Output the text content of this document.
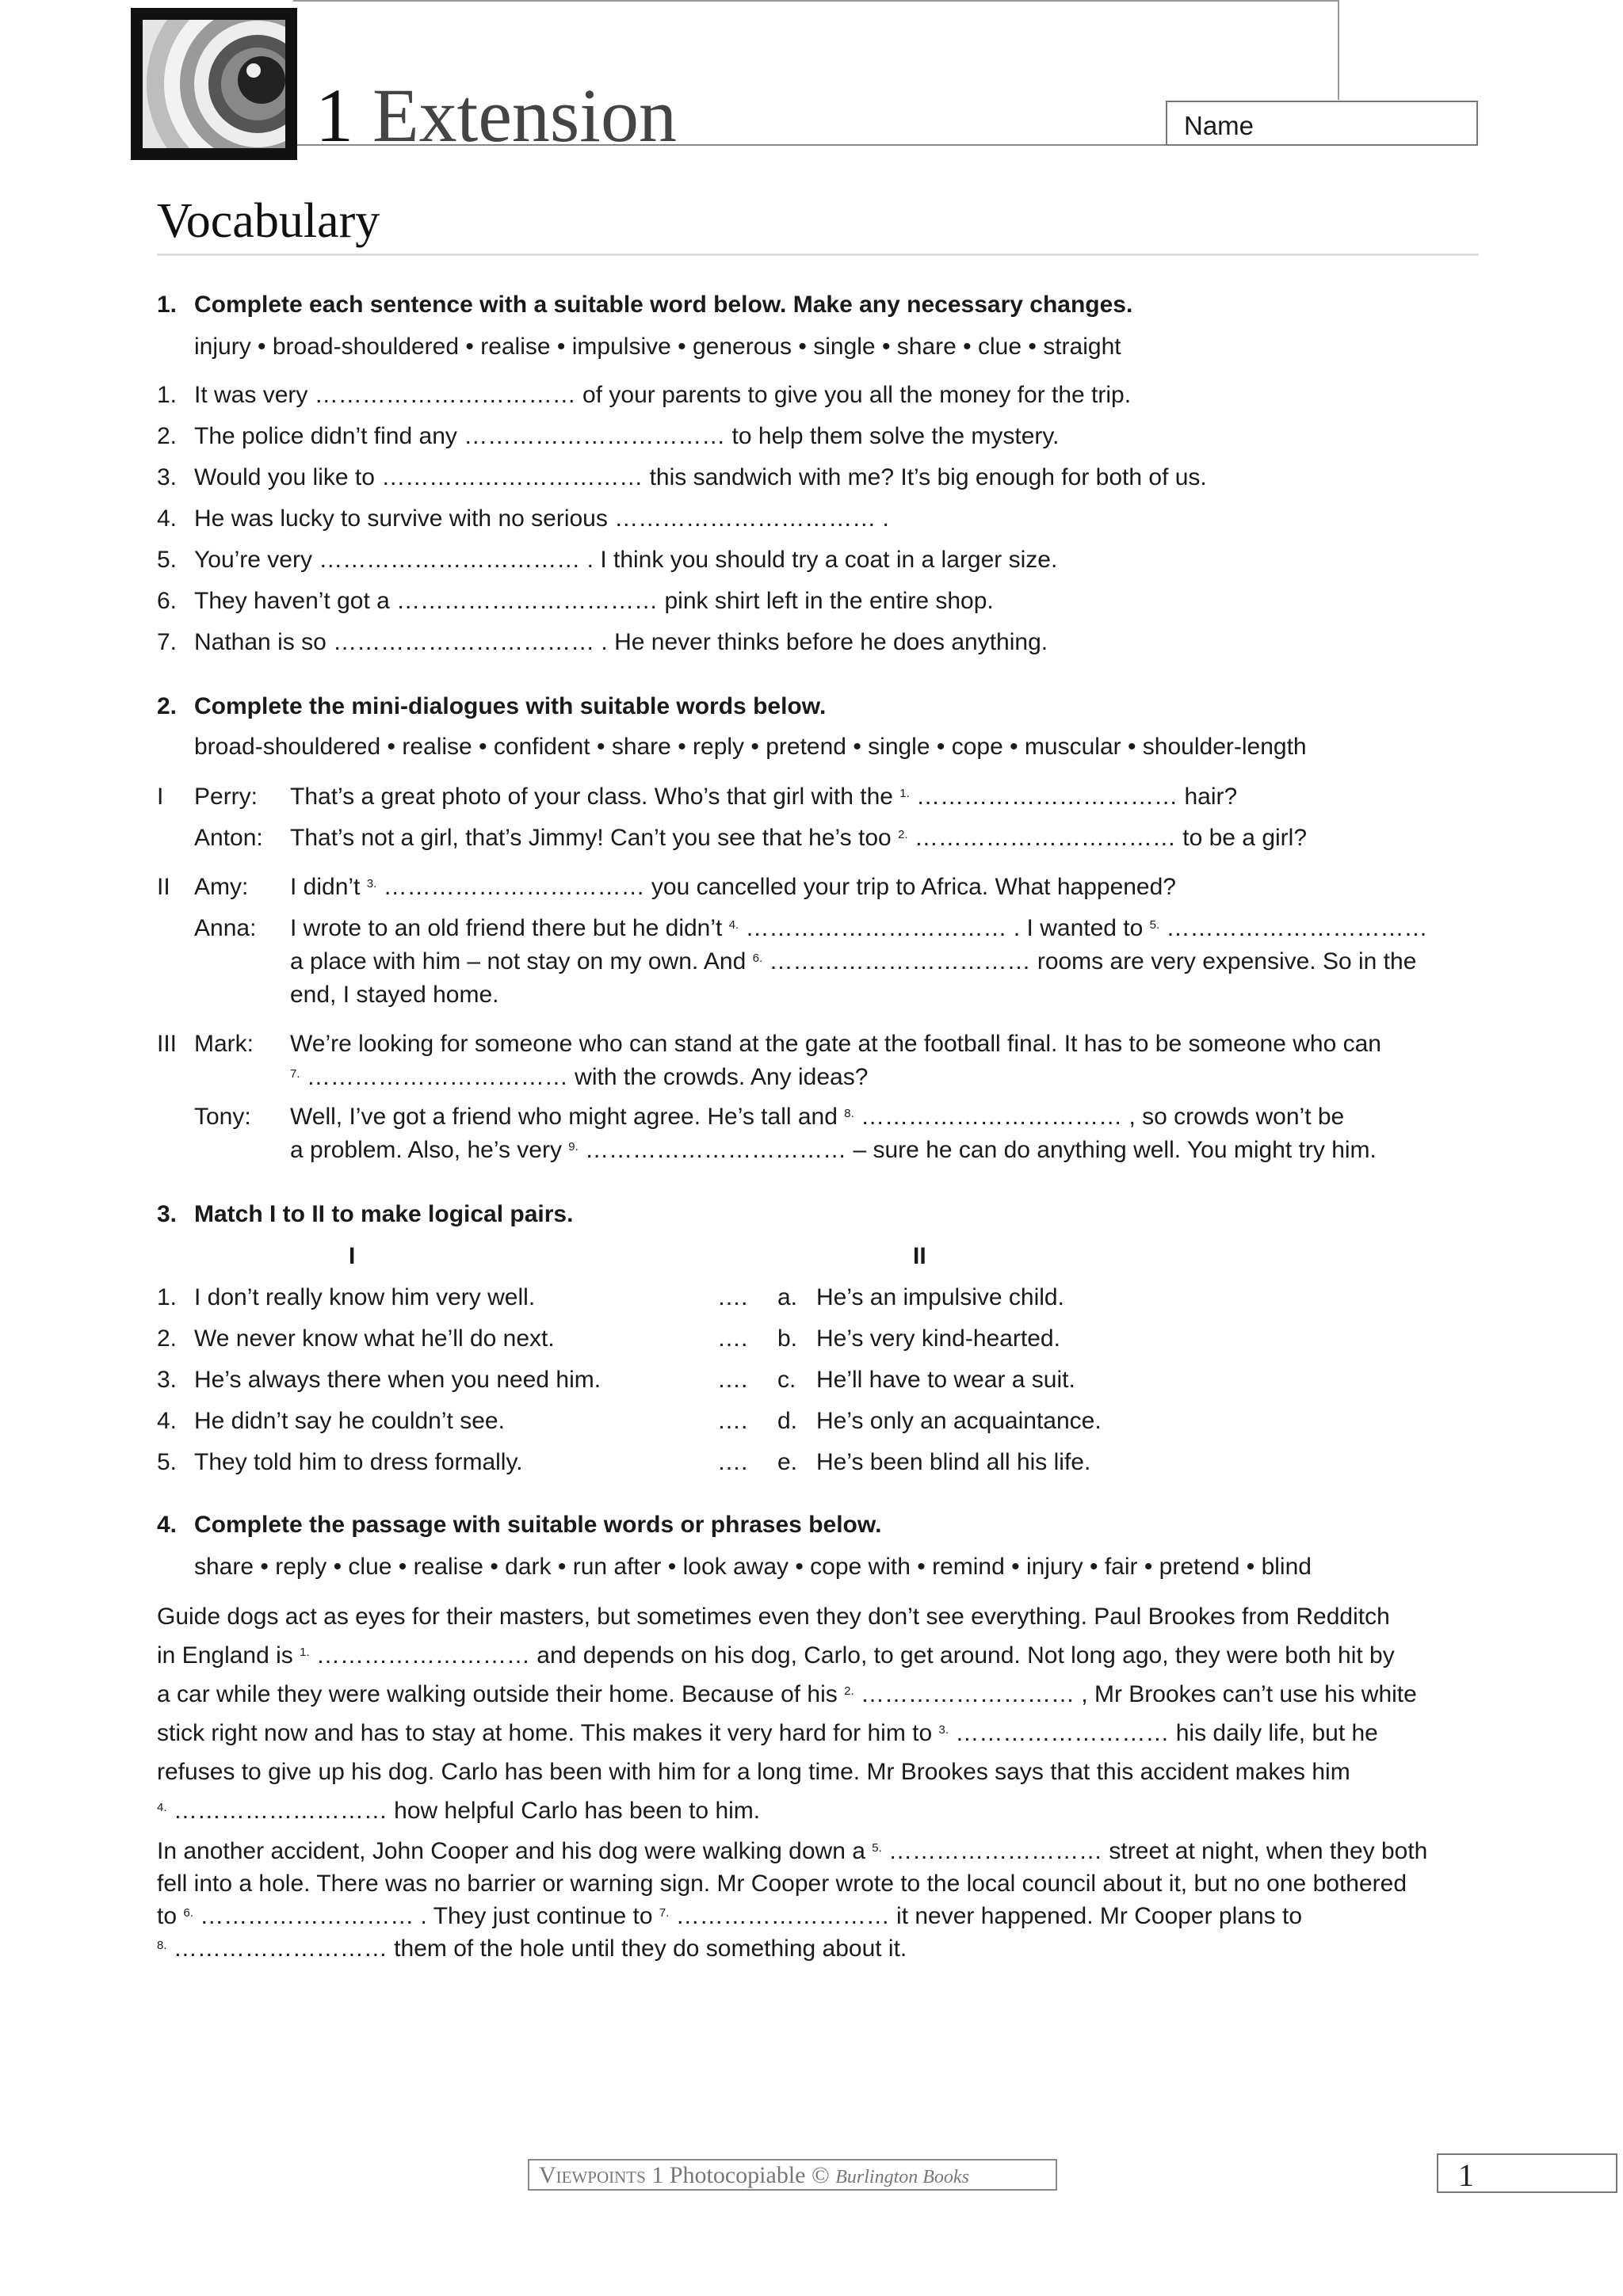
1 Extension	Name
Vocabulary
1. Complete each sentence with a suitable word below. Make any necessary changes.
injury • broad-shouldered • realise • impulsive • generous • single • share • clue • straight
1. It was very …………………………… of your parents to give you all the money for the trip.
2. The police didn’t find any …………………………… to help them solve the mystery.
3. Would you like to …………………………… this sandwich with me? It’s big enough for both of us.
4. He was lucky to survive with no serious …………………………… .
5. You’re very …………………………… . I think you should try a coat in a larger size.
6. They haven’t got a …………………………… pink shirt left in the entire shop.
7. Nathan is so …………………………… . He never thinks before he does anything.
2. Complete the mini-dialogues with suitable words below.
broad-shouldered • realise • confident • share • reply • pretend • single • cope • muscular • shoulder-length
I Perry: That’s a great photo of your class. Who’s that girl with the $^{1.}$ …………………………… hair?
Anton: That’s not a girl, that’s Jimmy! Can’t you see that he’s too $^{2.}$ …………………………… to be a girl?
II Amy: I didn’t $^{3.}$ …………………………… you cancelled your trip to Africa. What happened?
Anna: I wrote to an old friend there but he didn’t $^{4.}$ …………………………… . I wanted to $^{5.}$ ……………………………
a place with him – not stay on my own. And $^{6.}$ …………………………… rooms are very expensive. So in the
end, I stayed home.
III Mark: We’re looking for someone who can stand at the gate at the football final. It has to be someone who can
$^{7.}$ …………………………… with the crowds. Any ideas?
Tony: Well, I’ve got a friend who might agree. He’s tall and $^{8.}$ …………………………… , so crowds won’t be
a problem. Also, he’s very $^{9.}$ …………………………… – sure he can do anything well. You might try him.
3. Match I to II to make logical pairs.
I	II
1. I don’t really know him very well.	…. a. He’s an impulsive child.
2. We never know what he’ll do next.	…. b. He’s very kind-hearted.
3. He’s always there when you need him.	…. c. He’ll have to wear a suit.
4. He didn’t say he couldn’t see.	…. d. He’s only an acquaintance.
5. They told him to dress formally.	…. e. He’s been blind all his life.
4. Complete the passage with suitable words or phrases below.
share • reply • clue • realise • dark • run after • look away • cope with • remind • injury • fair • pretend • blind
Guide dogs act as eyes for their masters, but sometimes even they don’t see everything. Paul Brookes from Redditch
in England is $^{1.}$ ……………………… and depends on his dog, Carlo, to get around. Not long ago, they were both hit by
a car while they were walking outside their home. Because of his $^{2.}$ ……………………… , Mr Brookes can’t use his white
stick right now and has to stay at home. This makes it very hard for him to $^{3.}$ ……………………… his daily life, but he
refuses to give up his dog. Carlo has been with him for a long time. Mr Brookes says that this accident makes him
$^{4.}$ ……………………… how helpful Carlo has been to him.
In another accident, John Cooper and his dog were walking down a $^{5.}$ ……………………… street at night, when they both
fell into a hole. There was no barrier or warning sign. Mr Cooper wrote to the local council about it, but no one bothered
to $^{6.}$ ……………………… . They just continue to $^{7.}$ ……………………… it never happened. Mr Cooper plans to
$^{8.}$ ……………………… them of the hole until they do something about it.
Viewpoints 1 Photocopiable © Burlington Books	1
